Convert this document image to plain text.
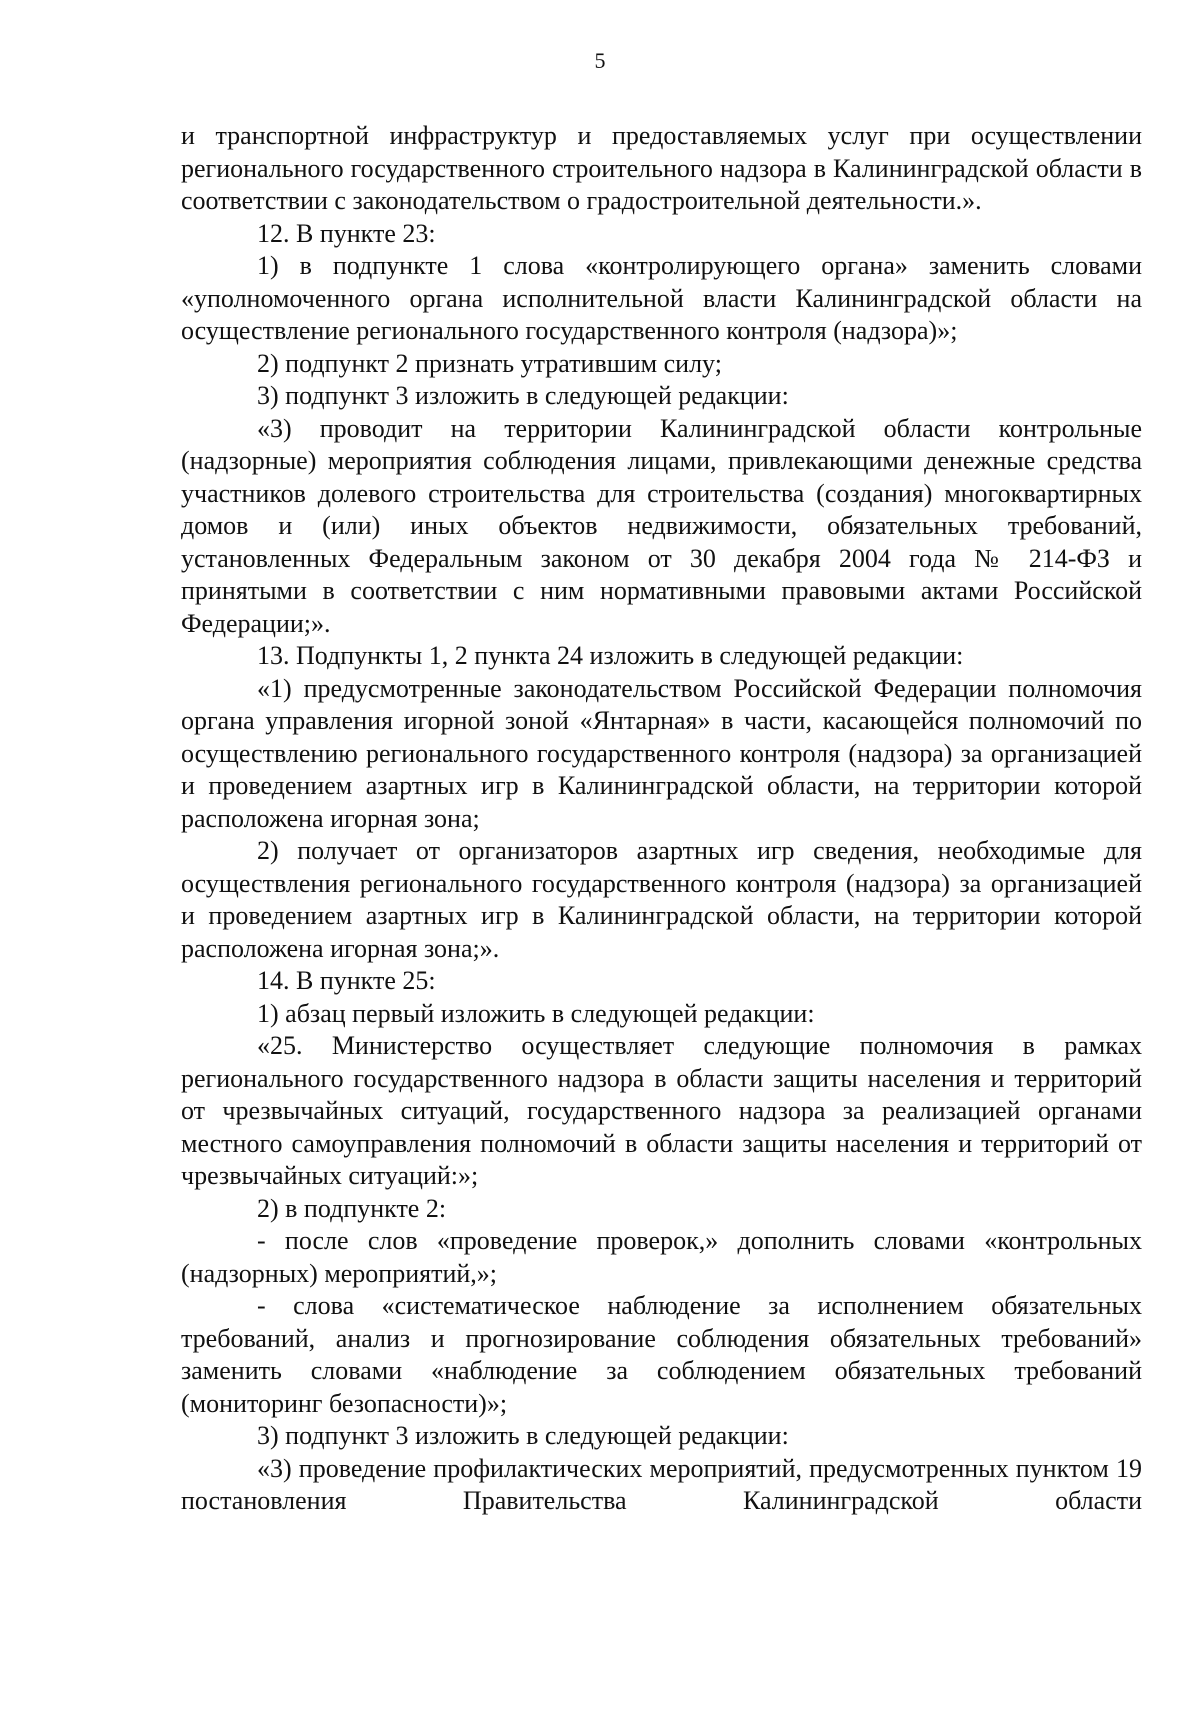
5

и транспортной инфраструктур и предоставляемых услуг при осуществлении регионального государственного строительного надзора в Калининградской области в соответствии с законодательством о градостроительной деятельности.».

12. В пункте 23:

1) в подпункте 1 слова «контролирующего органа» заменить словами «уполномоченного органа исполнительной власти Калининградской области на осуществление регионального государственного контроля (надзора)»;

2) подпункт 2 признать утратившим силу;

3) подпункт 3 изложить в следующей редакции:

«3) проводит на территории Калининградской области контрольные (надзорные) мероприятия соблюдения лицами, привлекающими денежные средства участников долевого строительства для строительства (создания) многоквартирных домов и (или) иных объектов недвижимости, обязательных требований, установленных Федеральным законом от 30 декабря 2004 года № 214-ФЗ и принятыми в соответствии с ним нормативными правовыми актами Российской Федерации;».

13. Подпункты 1, 2 пункта 24 изложить в следующей редакции:

«1) предусмотренные законодательством Российской Федерации полномочия органа управления игорной зоной «Янтарная» в части, касающейся полномочий по осуществлению регионального государственного контроля (надзора) за организацией и проведением азартных игр в Калининградской области, на территории которой расположена игорная зона;

2) получает от организаторов азартных игр сведения, необходимые для осуществления регионального государственного контроля (надзора) за организацией и проведением азартных игр в Калининградской области, на территории которой расположена игорная зона;».

14. В пункте 25:

1) абзац первый изложить в следующей редакции:

«25. Министерство осуществляет следующие полномочия в рамках регионального государственного надзора в области защиты населения и территорий от чрезвычайных ситуаций, государственного надзора за реализацией органами местного самоуправления полномочий в области защиты населения и территорий от чрезвычайных ситуаций:»;

2) в подпункте 2:

- после слов «проведение проверок,» дополнить словами «контрольных (надзорных) мероприятий,»;

- слова «систематическое наблюдение за исполнением обязательных требований, анализ и прогнозирование соблюдения обязательных требований» заменить словами «наблюдение за соблюдением обязательных требований (мониторинг безопасности)»;

3) подпункт 3 изложить в следующей редакции:

«3) проведение профилактических мероприятий, предусмотренных пунктом 19 постановления Правительства Калининградской области
